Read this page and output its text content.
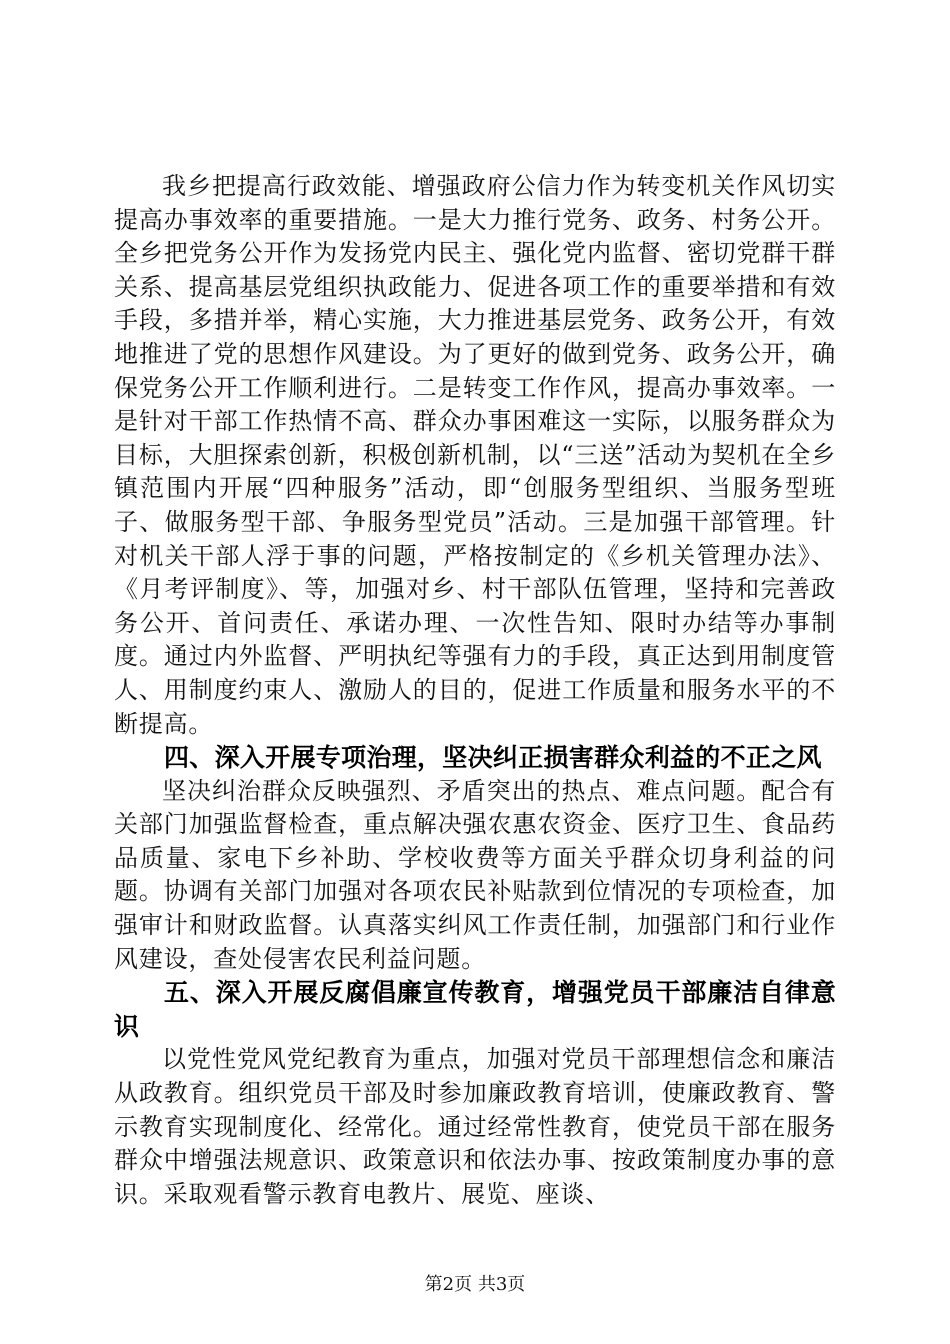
我乡把提高行政效能、增强政府公信力作为转变机关作风切实提高办事效率的重要措施。一是大力推行党务、政务、村务公开。全乡把党务公开作为发扬党内民主、强化党内监督、密切党群干群关系、提高基层党组织执政能力、促进各项工作的重要举措和有效手段，多措并举，精心实施，大力推进基层党务、政务公开，有效地推进了党的思想作风建设。为了更好的做到党务、政务公开，确保党务公开工作顺利进行。二是转变工作作风，提高办事效率。一是针对干部工作热情不高、群众办事困难这一实际，以服务群众为目标，大胆探索创新，积极创新机制，以“三送”活动为契机在全乡镇范围内开展“四种服务”活动，即“创服务型组织、当服务型班子、做服务型干部、争服务型党员”活动。三是加强干部管理。针对机关干部人浮于事的问题，严格按制定的《乡机关管理办法》、《月考评制度》、等，加强对乡、村干部队伍管理，坚持和完善政务公开、首问责任、承诺办理、一次性告知、限时办结等办事制度。通过内外监督、严明执纪等强有力的手段，真正达到用制度管人、用制度约束人、激励人的目的，促进工作质量和服务水平的不断提高。

四、深入开展专项治理，坚决纠正损害群众利益的不正之风

坚决纠治群众反映强烈、矛盾突出的热点、难点问题。配合有关部门加强监督检查，重点解决强农惠农资金、医疗卫生、食品药品质量、家电下乡补助、学校收费等方面关乎群众切身利益的问题。协调有关部门加强对各项农民补贴款到位情况的专项检查，加强审计和财政监督。认真落实纠风工作责任制，加强部门和行业作风建设，查处侵害农民利益问题。

五、深入开展反腐倡廉宣传教育，增强党员干部廉洁自律意识

以党性党风党纪教育为重点，加强对党员干部理想信念和廉洁从政教育。组织党员干部及时参加廉政教育培训，使廉政教育、警示教育实现制度化、经常化。通过经常性教育，使党员干部在服务群众中增强法规意识、政策意识和依法办事、按政策制度办事的意识。采取观看警示教育电教片、展览、座谈、

第2页 共3页
